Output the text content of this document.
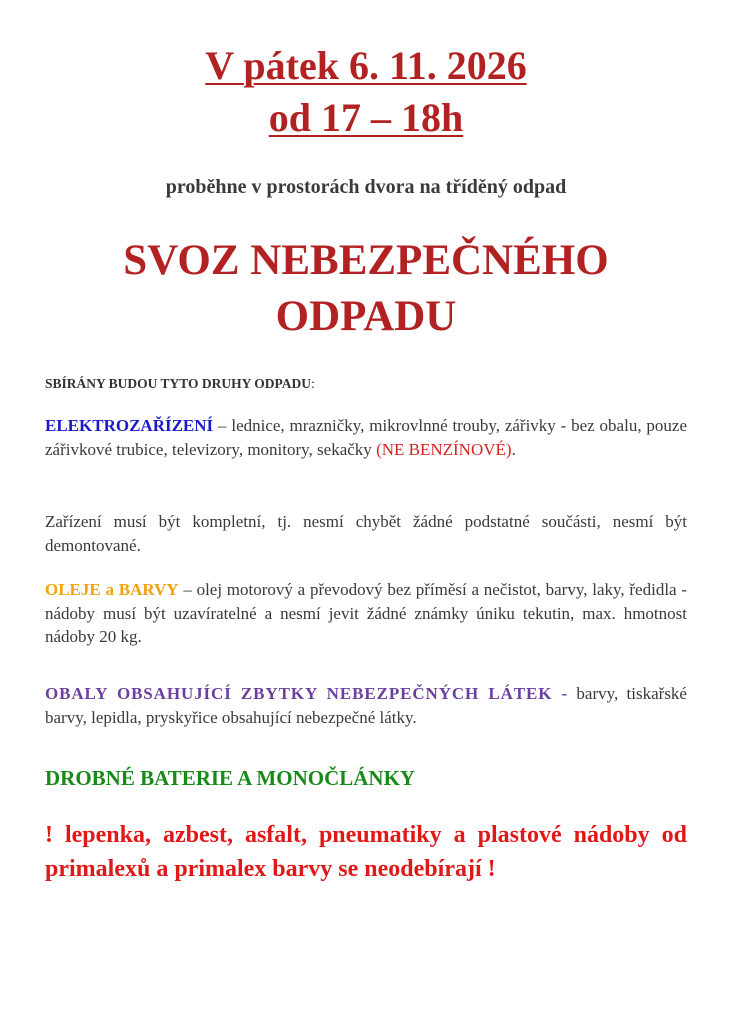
V pátek 6. 11. 2026
od 17 – 18h
proběhne v prostorách dvora na tříděný odpad
SVOZ NEBEZPEČNÉHO
ODPADU
SBÍRÁNY BUDOU TYTO DRUHY ODPADU:
ELEKTROZAŘÍZENÍ – lednice, mrazničky, mikrovlnné trouby, zářivky - bez obalu, pouze zářivkové trubice, televizory, monitory, sekačky (NE BENZÍNOVÉ).
Zařízení musí být kompletní, tj. nesmí chybět žádné podstatné součásti, nesmí být demontované.
OLEJE a BARVY – olej motorový a převodový bez příměsí a nečistot, barvy, laky, ředidla - nádoby musí být uzavíratelné a nesmí jevit žádné známky úniku tekutin, max. hmotnost nádoby 20 kg.
OBALY OBSAHUJÍCÍ ZBYTKY NEBEZPEČNÝCH LÁTEK - barvy, tiskařské barvy, lepidla, pryskyřice obsahující nebezpečné látky.
DROBNÉ BATERIE A MONOČLÁNKY
! lepenka, azbest, asfalt, pneumatiky a plastové nádoby od primalexů a primalex barvy se neodebírají !
